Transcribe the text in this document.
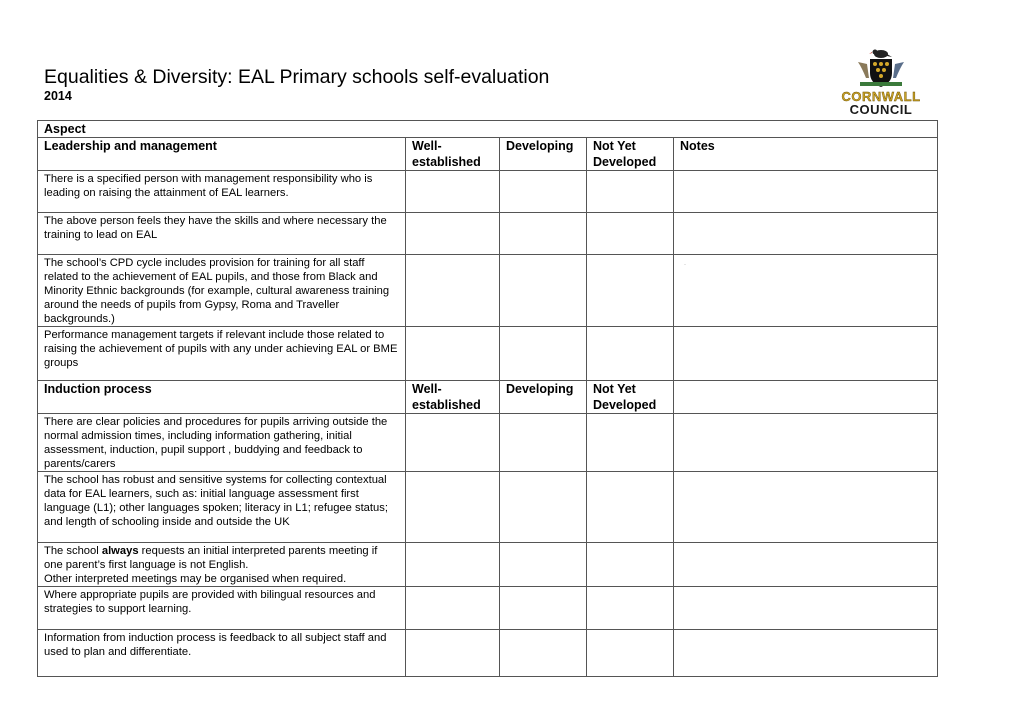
Equalities & Diversity: EAL Primary schools self-evaluation
2014	CORNWALL
COUNCIL
Aspect				
Leadership and management	Well-established	Developing	Not Yet Developed	Notes
There is a specified person with management responsibility who is leading on raising the attainment of EAL learners.				
The above person feels they have the skills and where necessary the training to lead on EAL				
The school’s CPD cycle includes provision for training for all staff related to the achievement of EAL pupils, and those from Black and Minority Ethnic backgrounds (for example, cultural awareness training around the needs of pupils from Gypsy, Roma and Traveller backgrounds.)				·
Performance management targets if relevant include those related to raising the achievement of pupils with any under achieving EAL or BME groups				
Induction process	Well-established	Developing	Not Yet Developed	
There are clear policies and procedures for pupils arriving outside the normal admission times, including information gathering, initial assessment, induction, pupil support , buddying and feedback to parents/carers				
The school has robust and sensitive systems for collecting contextual data for EAL learners, such as: initial language assessment first language (L1); other languages spoken; literacy in L1; refugee status; and length of schooling inside and outside the UK				
The school always requests an initial interpreted parents meeting if one parent’s first language is not English.
Other interpreted meetings may be organised when required.				
Where appropriate pupils are provided with bilingual resources and strategies to support learning.				
Information from induction process is feedback to all subject staff and used to plan and differentiate.				
